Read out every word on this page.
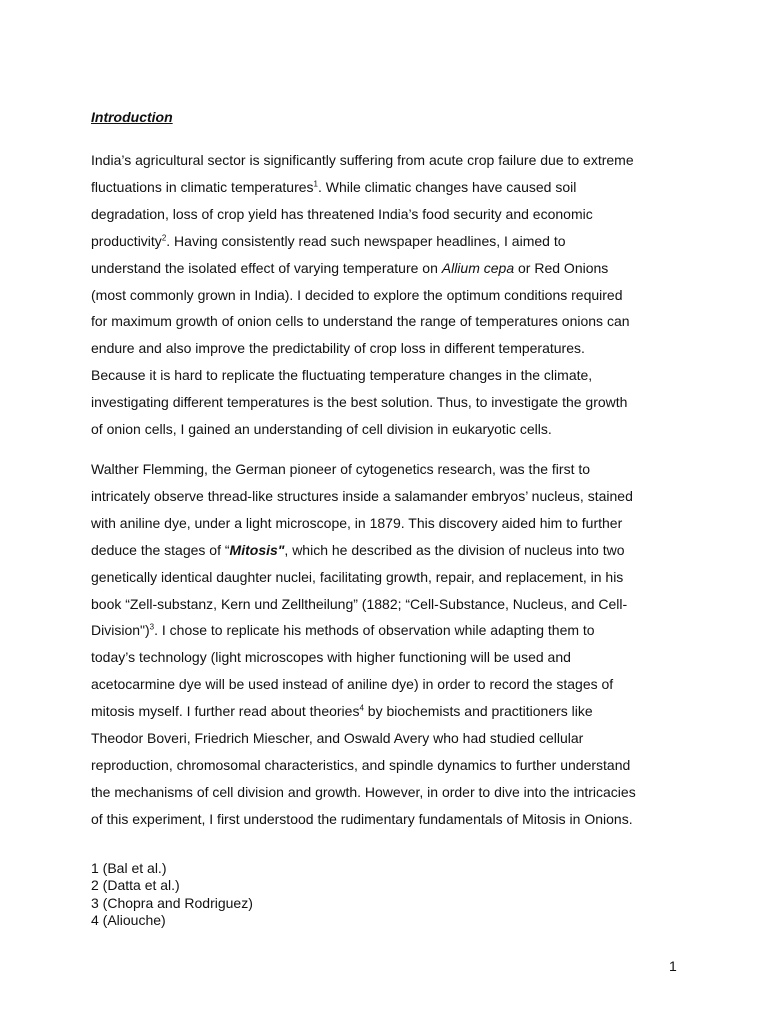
Introduction

India’s agricultural sector is significantly suffering from acute crop failure due to extreme
fluctuations in climatic temperatures$^1$. While climatic changes have caused soil
degradation, loss of crop yield has threatened India’s food security and economic
productivity$^2$. Having consistently read such newspaper headlines, I aimed to
understand the isolated effect of varying temperature on Allium cepa or Red Onions
(most commonly grown in India). I decided to explore the optimum conditions required
for maximum growth of onion cells to understand the range of temperatures onions can
endure and also improve the predictability of crop loss in different temperatures.
Because it is hard to replicate the fluctuating temperature changes in the climate,
investigating different temperatures is the best solution. Thus, to investigate the growth
of onion cells, I gained an understanding of cell division in eukaryotic cells.

Walther Flemming, the German pioneer of cytogenetics research, was the first to
intricately observe thread-like structures inside a salamander embryos’ nucleus, stained
with aniline dye, under a light microscope, in 1879. This discovery aided him to further
deduce the stages of “Mitosis", which he described as the division of nucleus into two
genetically identical daughter nuclei, facilitating growth, repair, and replacement, in his
book “Zell-substanz, Kern und Zelltheilung” (1882; “Cell-Substance, Nucleus, and Cell-
Division")$^3$. I chose to replicate his methods of observation while adapting them to
today’s technology (light microscopes with higher functioning will be used and
acetocarmine dye will be used instead of aniline dye) in order to record the stages of
mitosis myself. I further read about theories$^4$ by biochemists and practitioners like
Theodor Boveri, Friedrich Miescher, and Oswald Avery who had studied cellular
reproduction, chromosomal characteristics, and spindle dynamics to further understand
the mechanisms of cell division and growth. However, in order to dive into the intricacies
of this experiment, I first understood the rudimentary fundamentals of Mitosis in Onions.

1 (Bal et al.)
2 (Datta et al.)
3 (Chopra and Rodriguez)
4 (Aliouche)
1
